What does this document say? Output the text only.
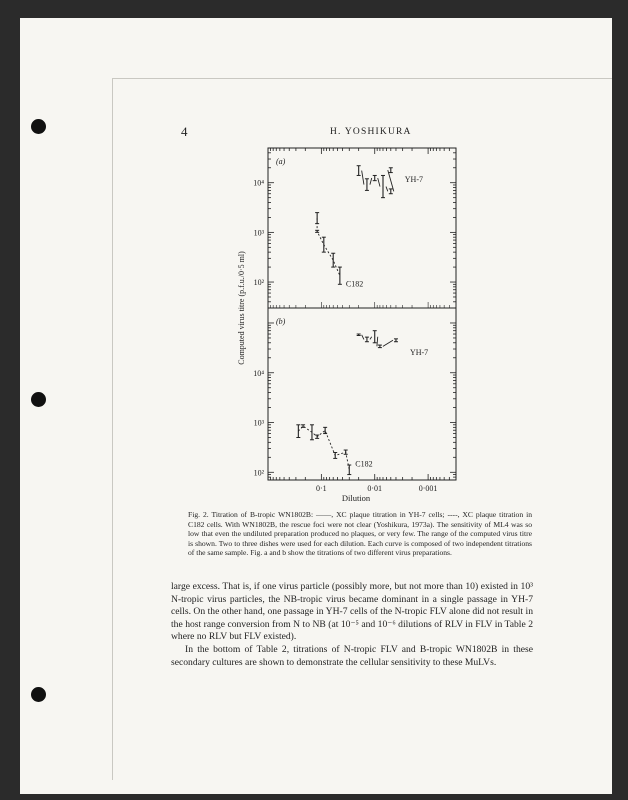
4	H. YOSHIKURA
0·1	0·01	0·001
10²
10³
10⁴
(a)
YH-7
C182
10²
10³
10⁴
(b)
YH-7
C182
Computed virus titre (p.f.u./0·5 ml)
Dilution

Fig. 2. Titration of B-tropic WN1802B: ——, XC plaque titration in YH-7 cells; ----, XC plaque titration in C182 cells. With WN1802B, the rescue foci were not clear (Yoshikura, 1973a). The sensitivity of ML4 was so low that even the undiluted preparation produced no plaques, or very few. The range of the computed virus titre is shown. Two to three dishes were used for each dilution. Each curve is composed of two independent titrations of the same sample. Fig. a and b show the titrations of two different virus preparations.

large excess. That is, if one virus particle (possibly more, but not more than 10) existed in 10³ N-tropic virus particles, the NB-tropic virus became dominant in a single passage in YH-7 cells. On the other hand, one passage in YH-7 cells of the N-tropic FLV alone did not result in the host range conversion from N to NB (at 10⁻⁵ and 10⁻⁶ dilutions of RLV in FLV in Table 2 where no RLV but FLV existed).

In the bottom of Table 2, titrations of N-tropic FLV and B-tropic WN1802B in these secondary cultures are shown to demonstrate the cellular sensitivity to these MuLVs.
